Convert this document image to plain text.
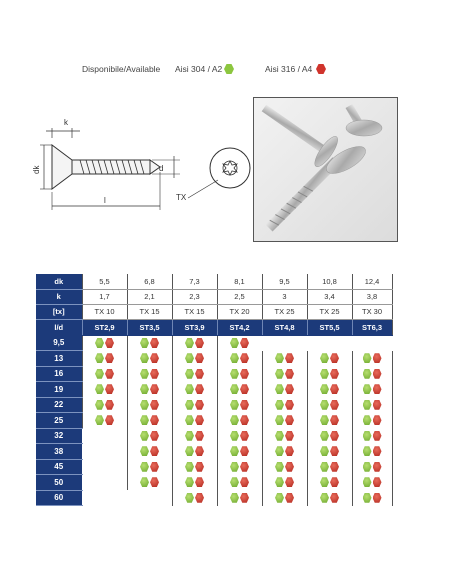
Disponibile/Available Aisi 304 / A2	Aisi 316 / A4
k
dk	d
l	TX
dk	5,5	6,8	7,3	8,1	9,5	10,8	12,4
k	1,7	2,1	2,3	2,5	3	3,4	3,8
[tx]	TX 10	TX 15	TX 15	TX 20	TX 25	TX 25	TX 30
l/d	ST2,9	ST3,5	ST3,9	ST4,2	ST4,8	ST5,5	ST6,3
9,5							
13							
16							
19							
22							
25							
32							
38							
45							
50							
60							
